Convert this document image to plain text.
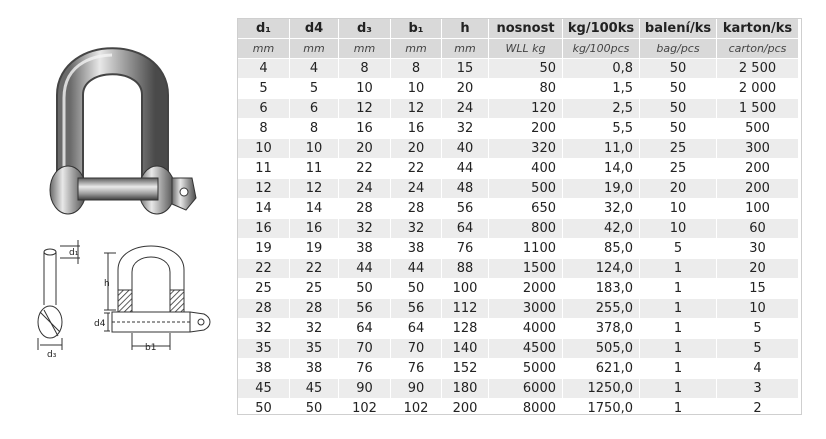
d₁
d₃
h
d4
b1
d₁	d4	d₃	b₁	h	nosnost	kg/100ks	balení/ks	karton/ks
mm	mm	mm	mm	mm	WLL kg	kg/100pcs	bag/pcs	carton/pcs
4	4	8	8	15	50	0,8	50	2 500
5	5	10	10	20	80	1,5	50	2 000
6	6	12	12	24	120	2,5	50	1 500
8	8	16	16	32	200	5,5	50	500
10	10	20	20	40	320	11,0	25	300
11	11	22	22	44	400	14,0	25	200
12	12	24	24	48	500	19,0	20	200
14	14	28	28	56	650	32,0	10	100
16	16	32	32	64	800	42,0	10	60
19	19	38	38	76	1100	85,0	5	30
22	22	44	44	88	1500	124,0	1	20
25	25	50	50	100	2000	183,0	1	15
28	28	56	56	112	3000	255,0	1	10
32	32	64	64	128	4000	378,0	1	5
35	35	70	70	140	4500	505,0	1	5
38	38	76	76	152	5000	621,0	1	4
45	45	90	90	180	6000	1250,0	1	3
50	50	102	102	200	8000	1750,0	1	2
